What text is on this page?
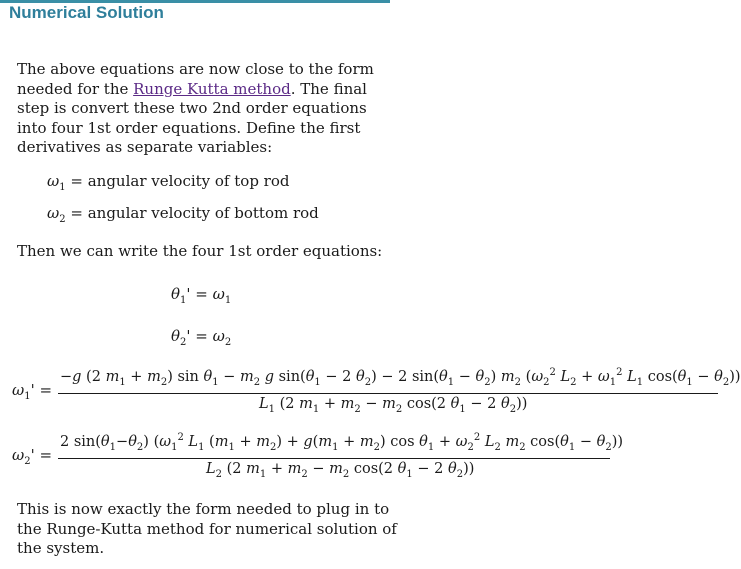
Numerical Solution

The above equations are now close to the form needed for the Runge Kutta method. The final step is convert these two 2nd order equations into four 1st order equations. Define the first derivatives as separate variables:

$\omega_1$ = angular velocity of top rod
$\omega_2$ = angular velocity of bottom rod

Then we can write the four 1st order equations:

$\theta_1' = \omega_1$
$\theta_2' = \omega_2$
$\omega_1'$ =
−g (2 $m_1 + m_2$) $\sin \theta_1 - m_2$ g $\sin(\theta_1 - 2$ $\theta_2) - 2$ $\sin(\theta_1 - \theta_2)$ $m_2$ ($\omega_2^2$ $L_2 + \omega_1^2$ $L_1$ $\cos(\theta_1 - \theta_2)$)
$L_1$ (2 $m_1 + m_2 - m_2$ cos(2 $\theta_1 - 2$ $\theta_2$))
$\omega_2'$ =
2 $\sin(\theta_1-\theta_2)$ ($\omega_1^2$ $L_1$ $(m_1 + m_2) + g(m_1 + m_2)$ $\cos \theta_1 + \omega_2^2$ $L_2$ $m_2$ $\cos(\theta_1 - \theta_2)$)
$L_2$ (2 $m_1 + m_2 - m_2$ cos(2 $\theta_1 - 2$ $\theta_2$))

This is now exactly the form needed to plug in to the Runge-Kutta method for numerical solution of the system.
